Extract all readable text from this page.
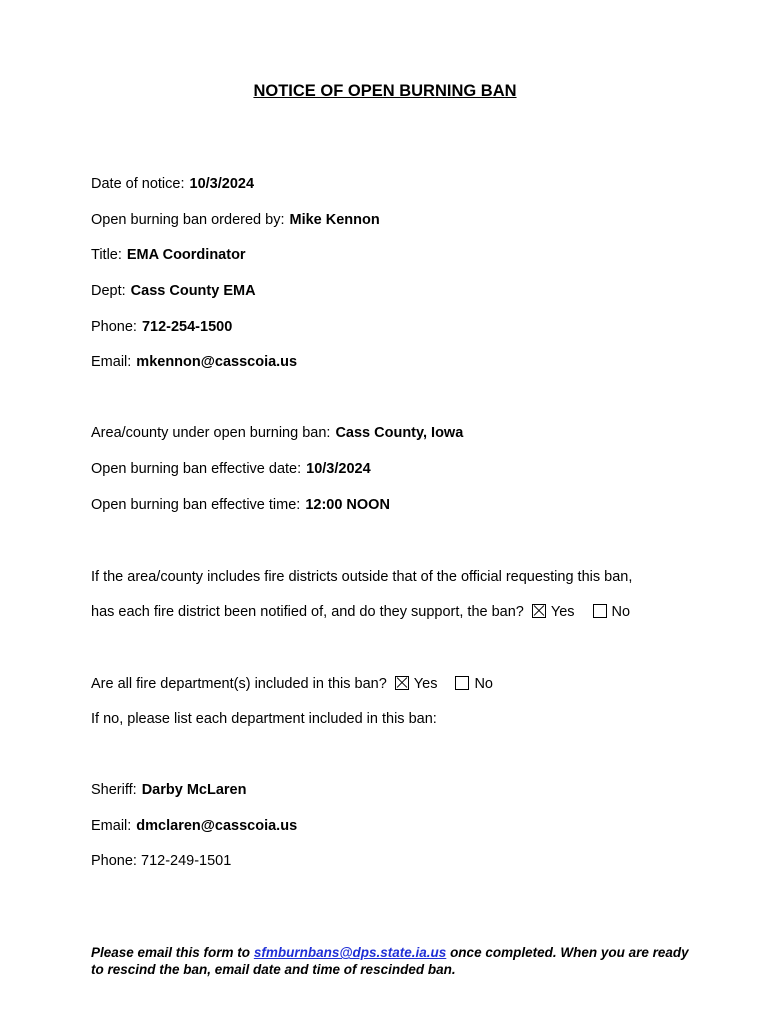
NOTICE OF OPEN BURNING BAN
Date of notice: 10/3/2024
Open burning ban ordered by: Mike Kennon
Title: EMA Coordinator
Dept: Cass County EMA
Phone: 712-254-1500
Email: mkennon@casscoia.us
Area/county under open burning ban: Cass County, Iowa
Open burning ban effective date: 10/3/2024
Open burning ban effective time: 12:00 NOON
If the area/county includes fire districts outside that of the official requesting this ban,
has each fire district been notified of, and do they support, the ban? Yes	No
Are all fire department(s) included in this ban? Yes	No
If no, please list each department included in this ban:
Sheriff: Darby McLaren
Email: dmclaren@casscoia.us
Phone: 712-249-1501
Please email this form to sfmburnbans@dps.state.ia.us once completed. When you are ready to rescind the ban, email date and time of rescinded ban.
